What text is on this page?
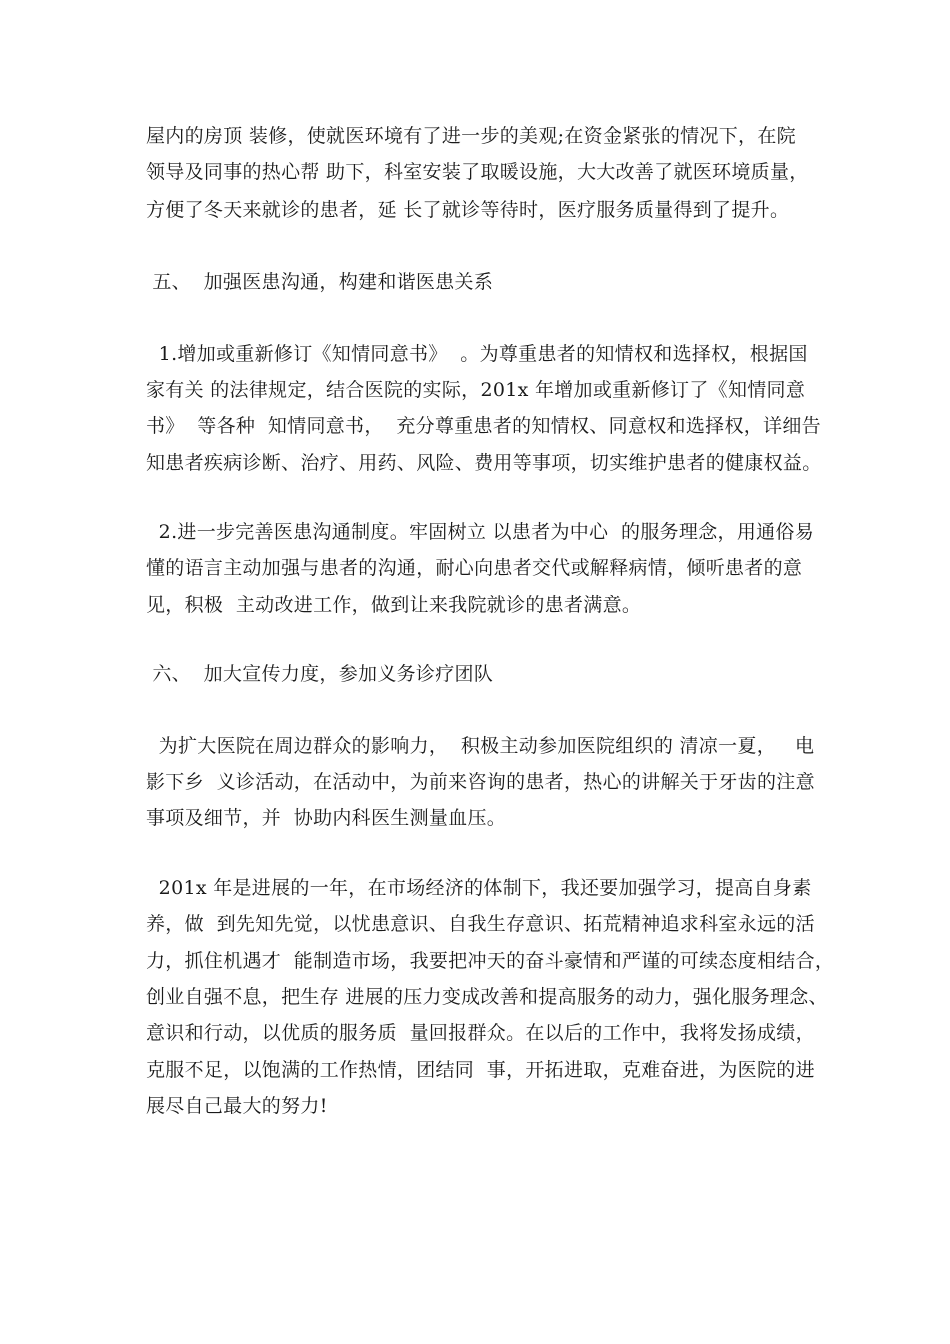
屋内的房顶 装修，使就医环境有了进一步的美观;在资金紧张的情况下，在院
领导及同事的热心帮 助下，科室安装了取暖设施，大大改善了就医环境质量，
方便了冬天来就诊的患者，延 长了就诊等待时，医疗服务质量得到了提升。
五、  加强医患沟通，构建和谐医患关系
1.增加或重新修订《知情同意书》  。为尊重患者的知情权和选择权，根据国
家有关 的法律规定，结合医院的实际，201x 年增加或重新修订了《知情同意
书》  等各种  知情同意书，  充分尊重患者的知情权、同意权和选择权，详细告
知患者疾病诊断、治疗、用药、风险、费用等事项，切实维护患者的健康权益。
2.进一步完善医患沟通制度。牢固树立 以患者为中心  的服务理念，用通俗易
懂的语言主动加强与患者的沟通，耐心向患者交代或解释病情，倾听患者的意
见，积极  主动改进工作，做到让来我院就诊的患者满意。
六、  加大宣传力度，参加义务诊疗团队
为扩大医院在周边群众的影响力，  积极主动参加医院组织的 清凉一夏，   电
影下乡  义诊活动，在活动中，为前来咨询的患者，热心的讲解关于牙齿的注意
事项及细节，并  协助内科医生测量血压。
201x 年是进展的一年，在市场经济的体制下，我还要加强学习，提高自身素
养，做  到先知先觉，以忧患意识、自我生存意识、拓荒精神追求科室永远的活
力，抓住机遇才  能制造市场，我要把冲天的奋斗豪情和严谨的可续态度相结合，
创业自强不息，把生存 进展的压力变成改善和提高服务的动力，强化服务理念、
意识和行动，以优质的服务质  量回报群众。在以后的工作中，我将发扬成绩，
克服不足，以饱满的工作热情，团结同  事，开拓进取，克难奋进，为医院的进
展尽自己最大的努力!
